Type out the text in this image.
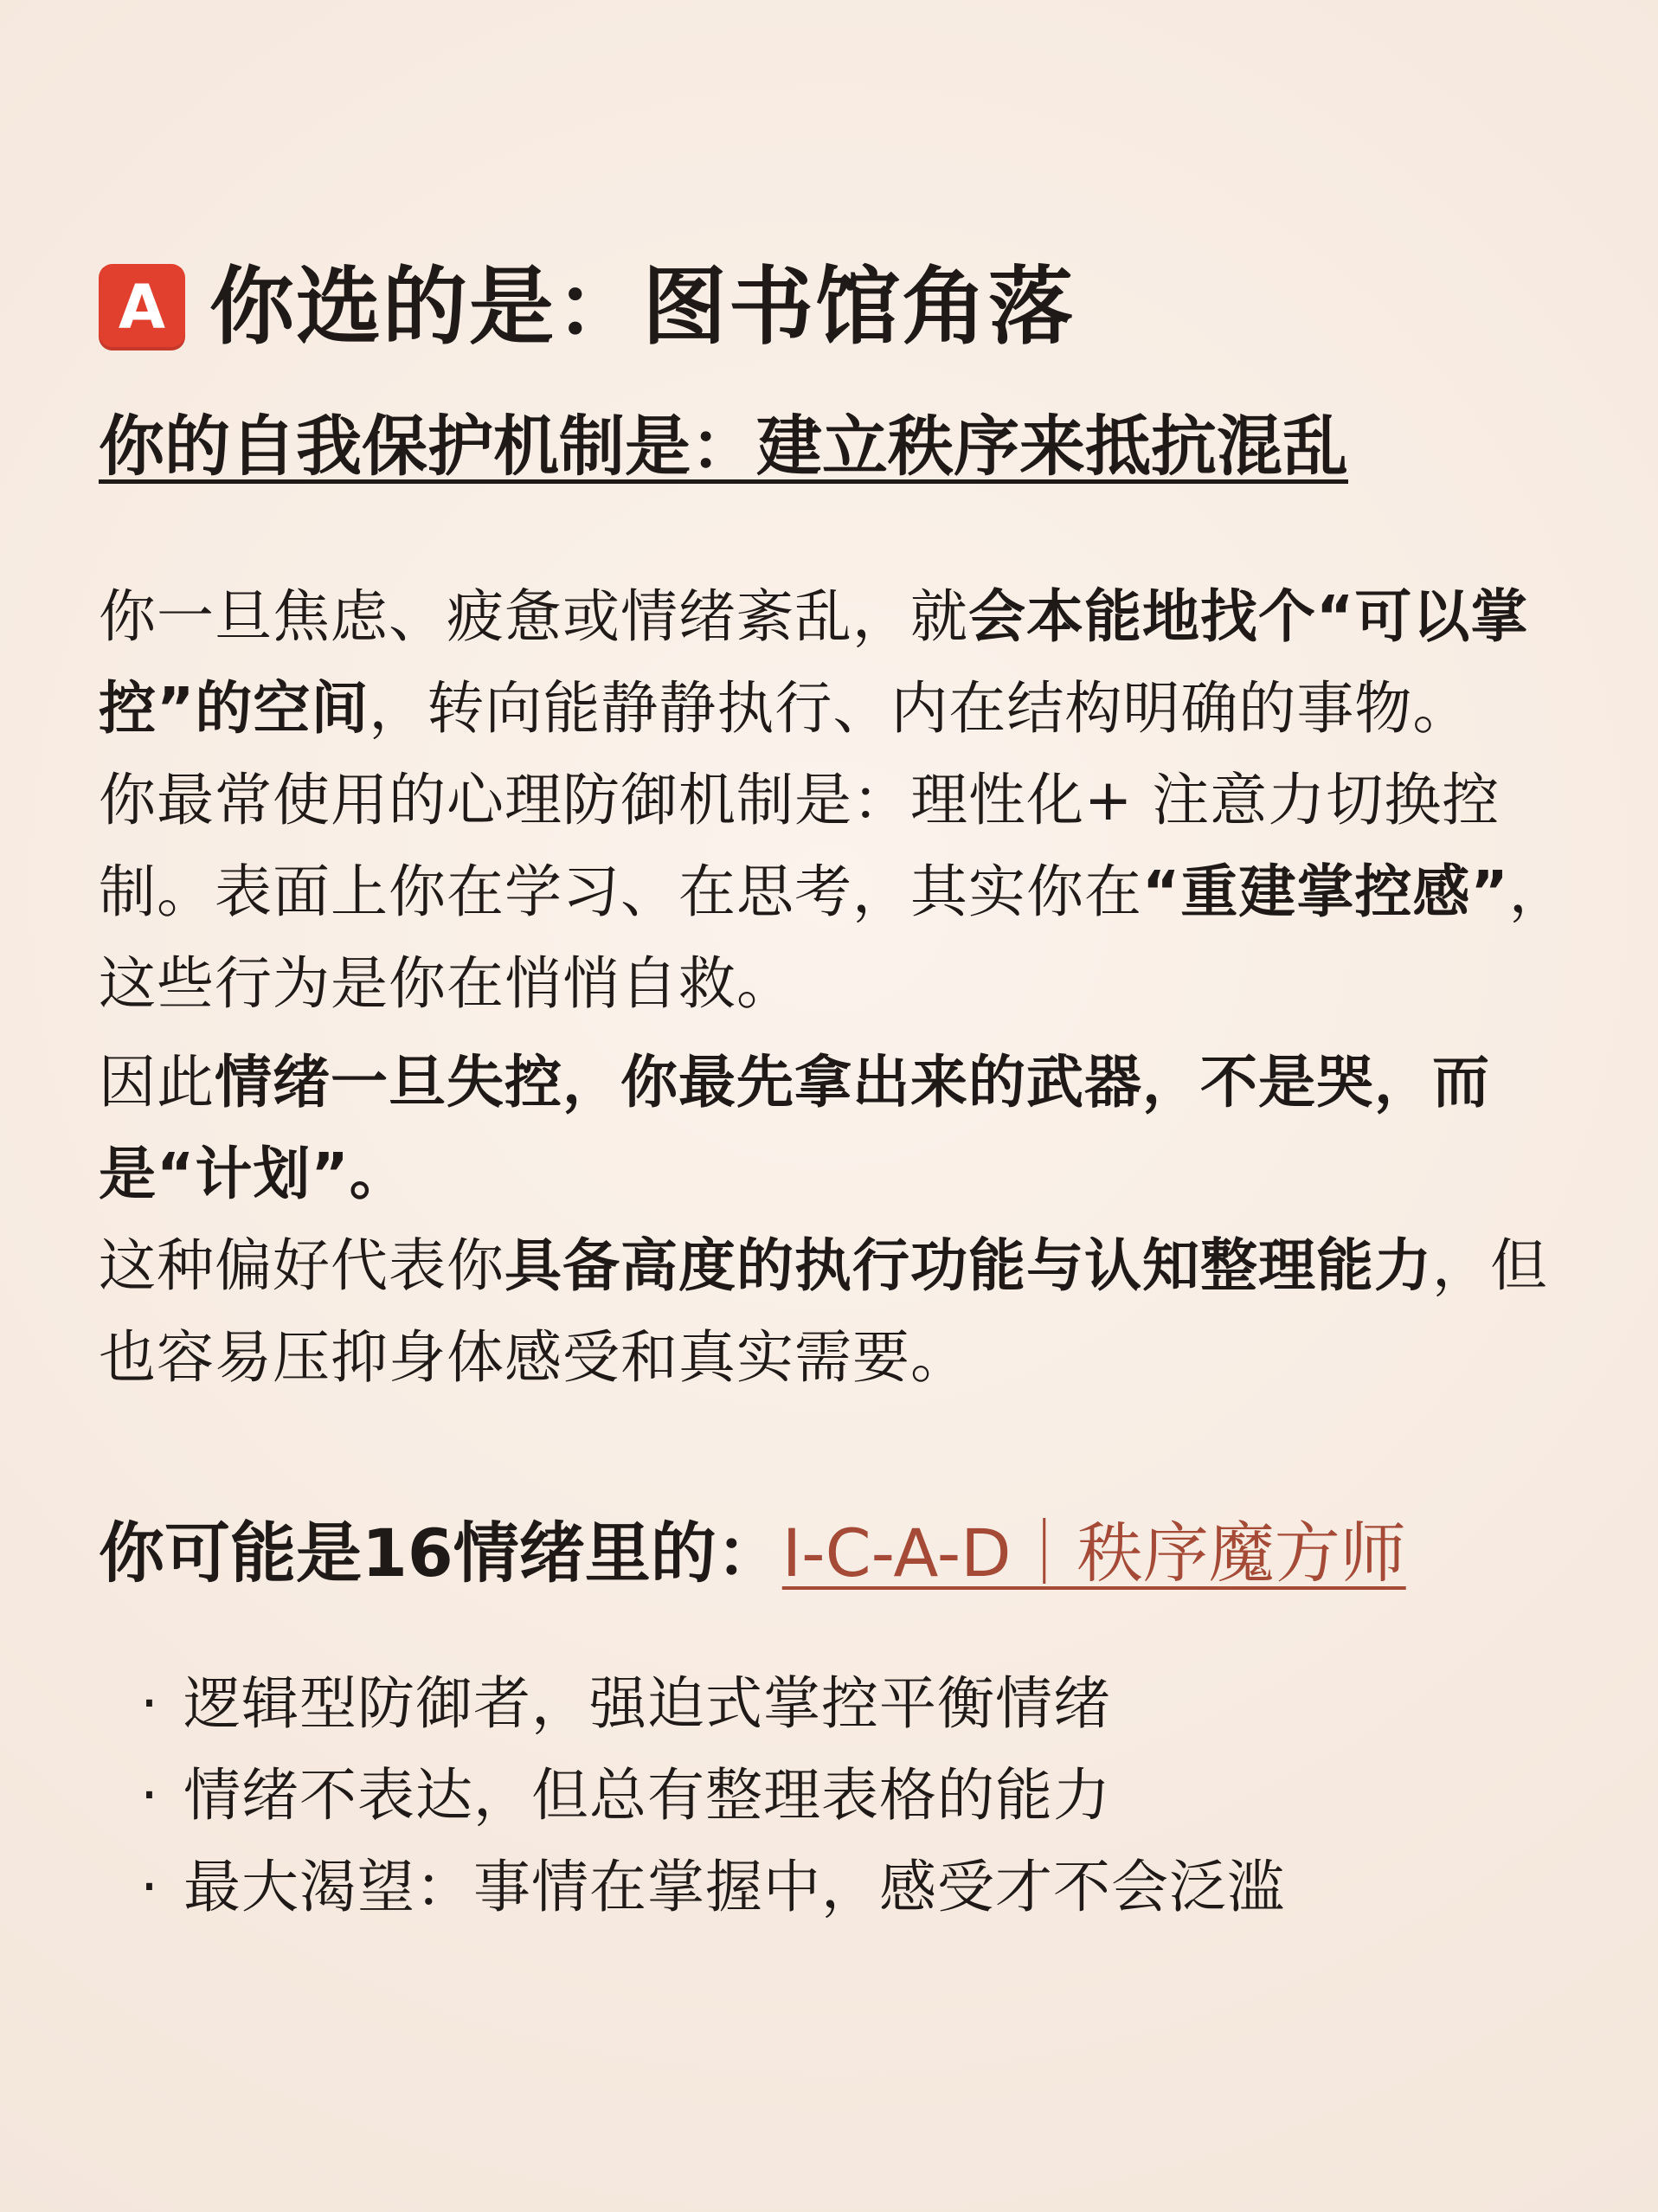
A 你选的是：图书馆角落
你的自我保护机制是：建立秩序来抵抗混乱

你一旦焦虑、疲惫或情绪紊乱，就会本能地找个“可以掌控”的空间，转向能静静执行、内在结构明确的事物。

你最常使用的心理防御机制是：理性化+ 注意力切换控制。表面上你在学习、在思考，其实你在“重建掌控感”，这些行为是你在悄悄自救。

因此情绪一旦失控，你最先拿出来的武器，不是哭，而是“计划”。

这种偏好代表你具备高度的执行功能与认知整理能力，但也容易压抑身体感受和真实需要。

你可能是16情绪里的：I-C-A-D｜秩序魔方师
· 逻辑型防御者，强迫式掌控平衡情绪
· 情绪不表达，但总有整理表格的能力
· 最大渴望：事情在掌握中，感受才不会泛滥
